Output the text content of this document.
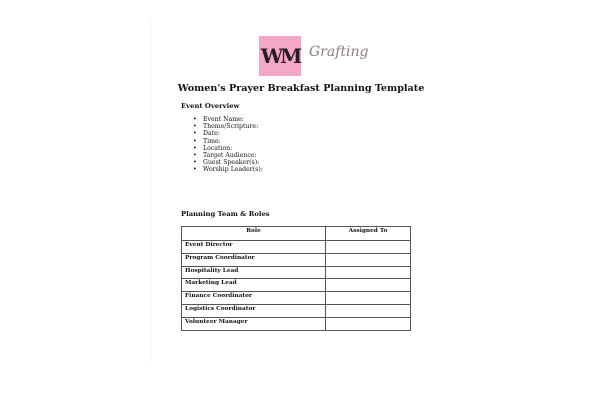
WM Grafting
Women's Prayer Breakfast Planning Template
Event Overview
• Event Name:
• Theme/Scripture:
• Date:
• Time:
• Location:
• Target Audience:
• Guest Speaker(s):
• Worship Leader(s):
Planning Team & Roles
Role	Assigned To
Event Director	
Program Coordinator	
Hospitality Lead	
Marketing Lead	
Finance Coordinator	
Logistics Coordinator	
Volunteer Manager	
